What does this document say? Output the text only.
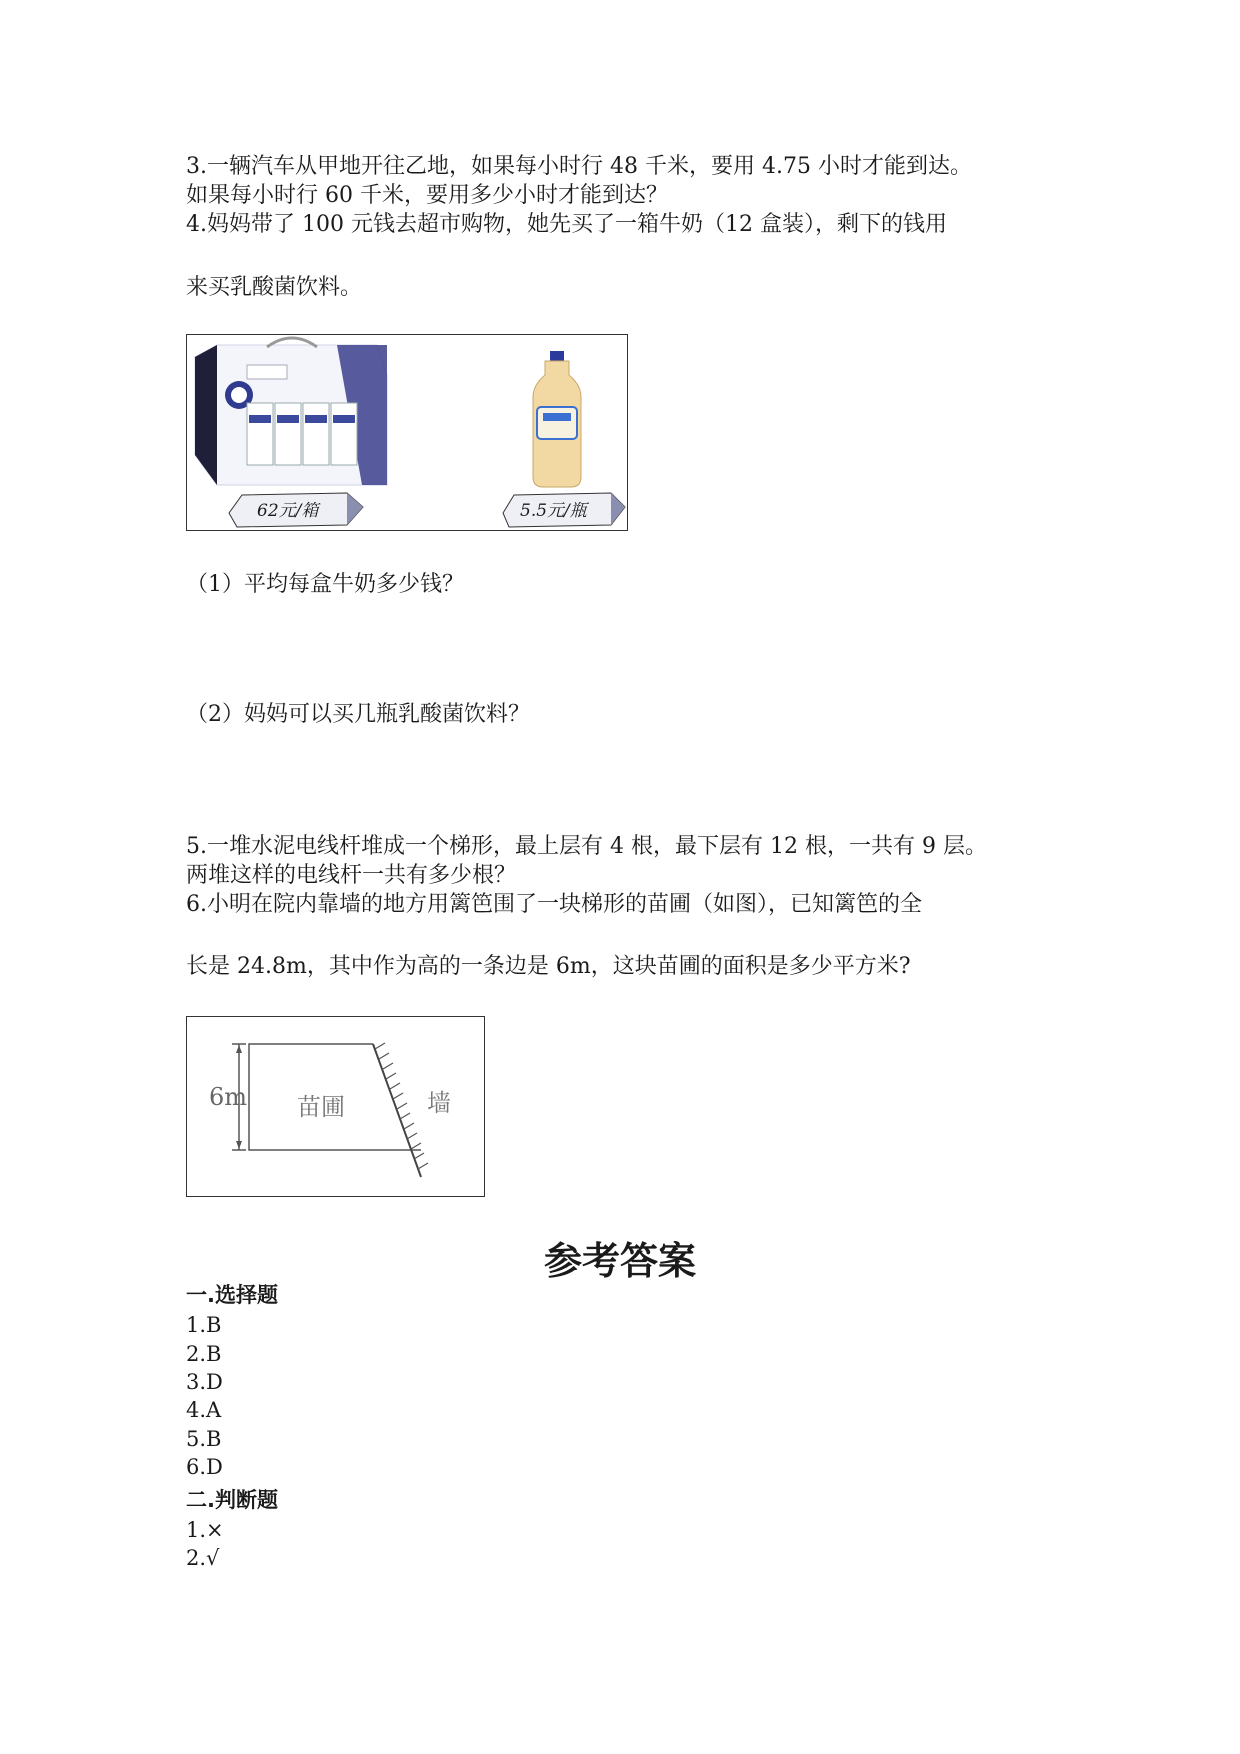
3.一辆汽车从甲地开往乙地，如果每小时行 48 千米，要用 4.75 小时才能到达。
如果每小时行 60 千米，要用多少小时才能到达？
4.妈妈带了 100 元钱去超市购物，她先买了一箱牛奶（12 盒装），剩下的钱用
来买乳酸菌饮料。
62元/箱	5.5元/瓶
（1）平均每盒牛奶多少钱？
（2）妈妈可以买几瓶乳酸菌饮料？
5.一堆水泥电线杆堆成一个梯形，最上层有 4 根，最下层有 12 根，一共有 9 层。
两堆这样的电线杆一共有多少根？
6.小明在院内靠墙的地方用篱笆围了一块梯形的苗圃（如图），已知篱笆的全
长是 24.8m，其中作为高的一条边是 6m，这块苗圃的面积是多少平方米?
6m 苗圃	墙
参考答案
一.选择题
1.B
2.B
3.D
4.A
5.B
6.D
二.判断题
1.×
2.√
